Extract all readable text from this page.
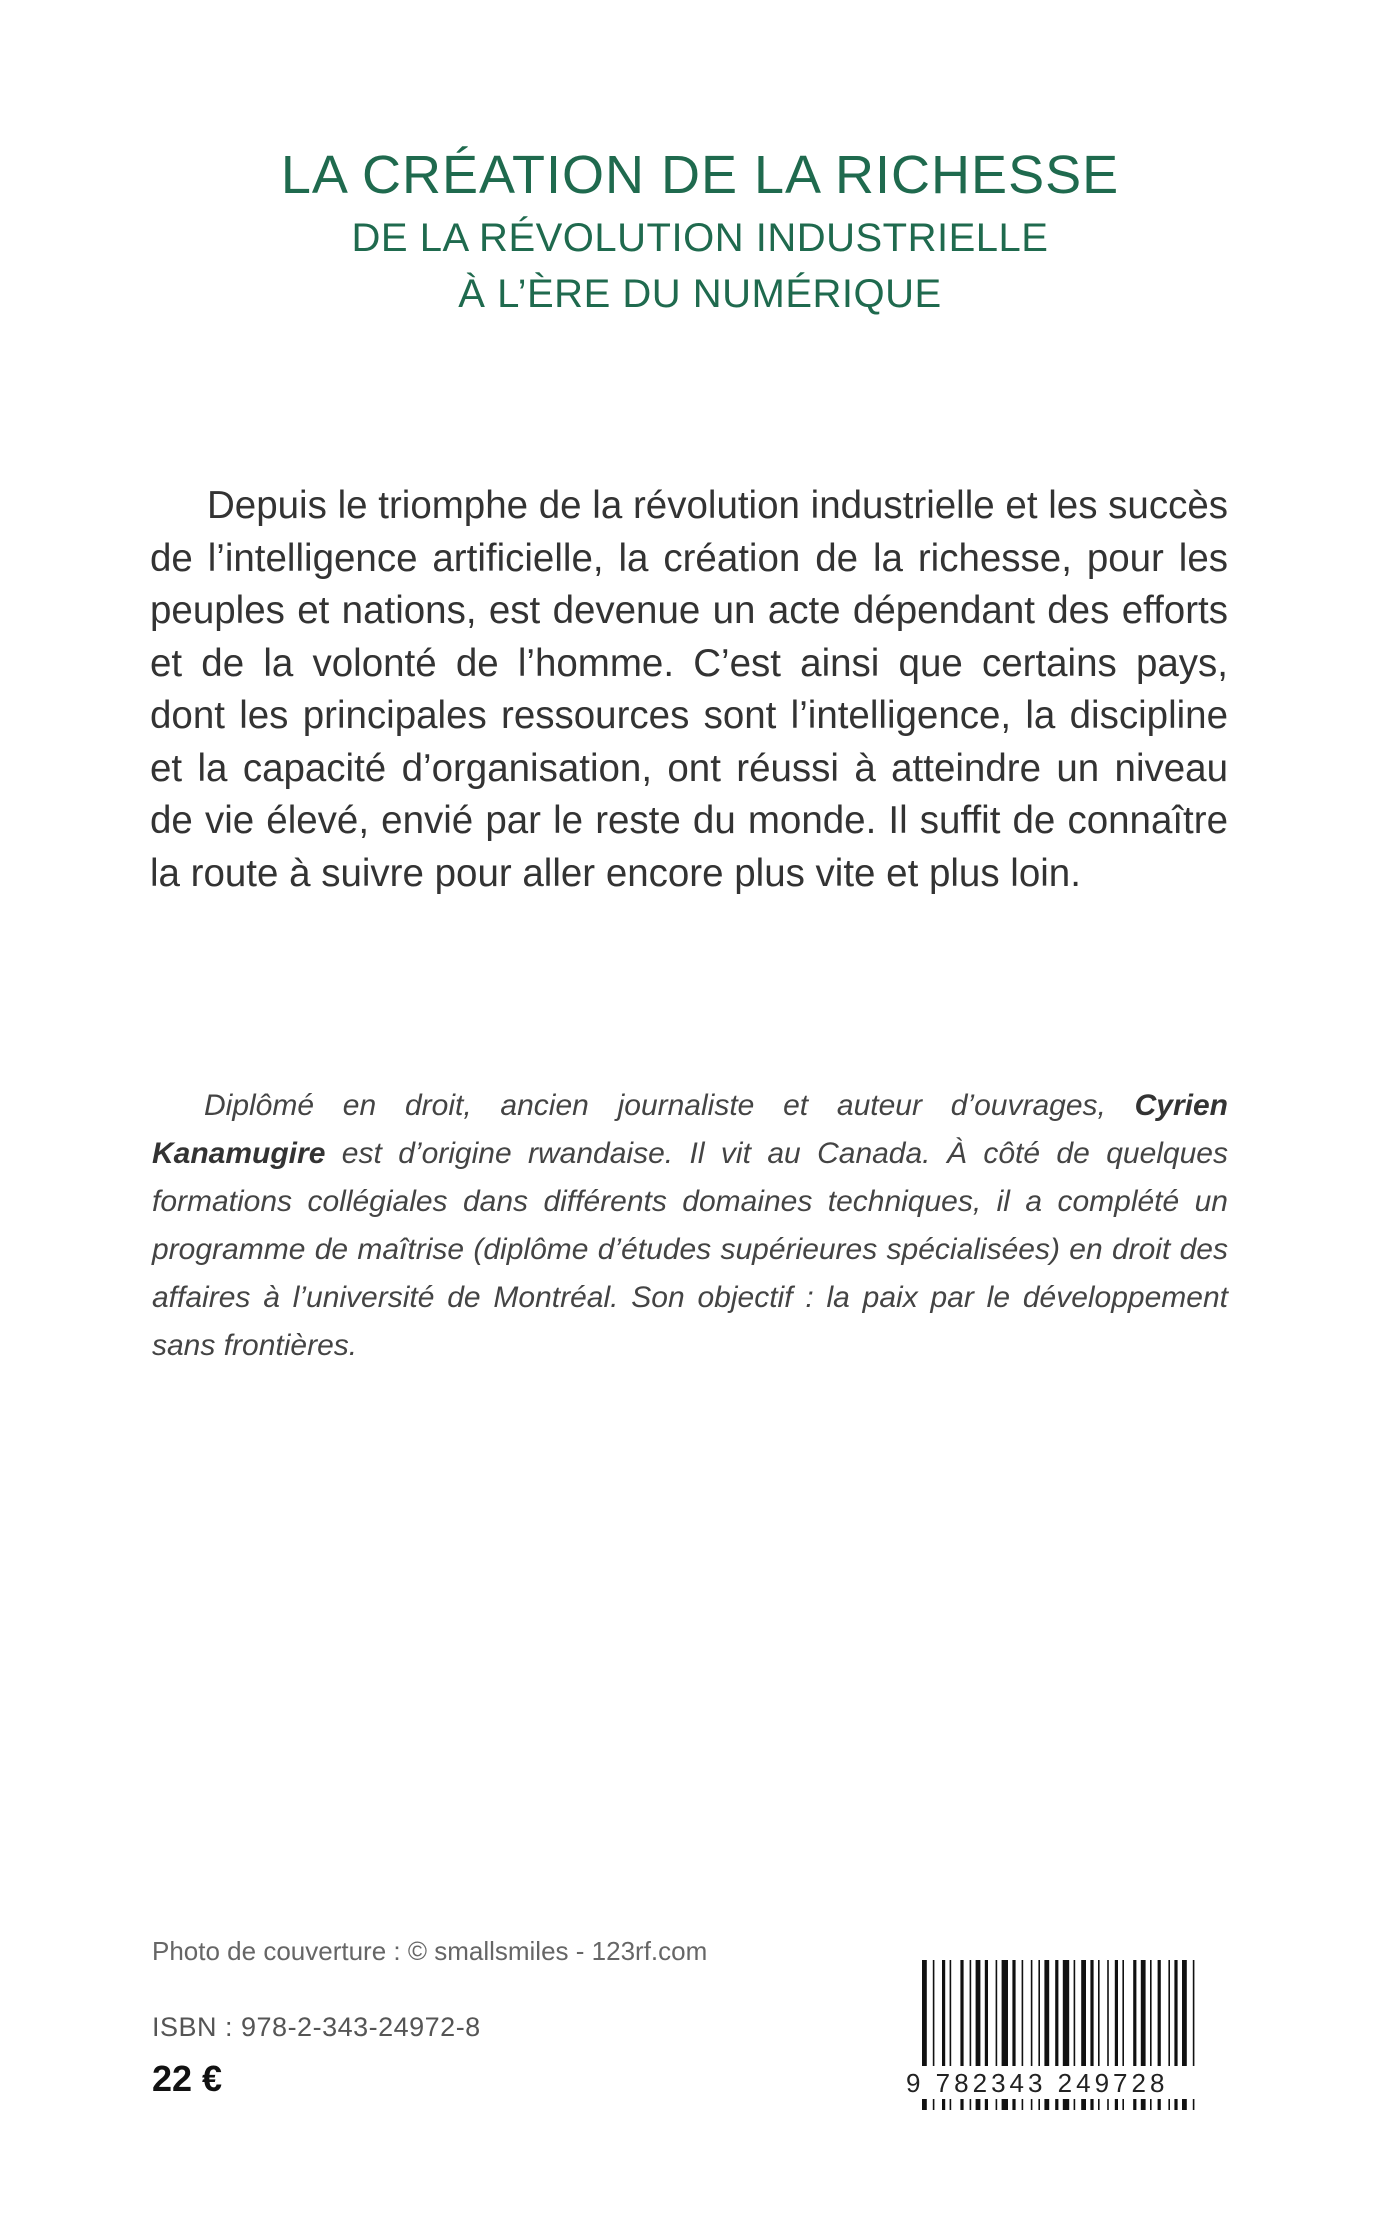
LA CRÉATION DE LA RICHESSE
DE LA RÉVOLUTION INDUSTRIELLE
À L’ÈRE DU NUMÉRIQUE

Depuis le triomphe de la révolution industrielle et les succès de l’intelligence artificielle, la création de la richesse, pour les peuples et nations, est devenue un acte dépendant des efforts et de la volonté de l’homme. C’est ainsi que certains pays, dont les principales ressources sont l’intelligence, la discipline et la capacité d’organisation, ont réussi à atteindre un niveau de vie élevé, envié par le reste du monde. Il suffit de connaître la route à suivre pour aller encore plus vite et plus loin.

Diplômé en droit, ancien journaliste et auteur d’ouvrages, Cyrien Kanamugire est d’origine rwandaise. Il vit au Canada. À côté de quelques formations collégiales dans différents domaines techniques, il a complété un programme de maîtrise (diplôme d’études supérieures spécialisées) en droit des affaires à l’université de Montréal. Son objectif : la paix par le développement sans frontières.

Photo de couverture : © smallsmiles - 123rf.com
ISBN : 978-2-343-24972-8
22 €	9 782343 249728
